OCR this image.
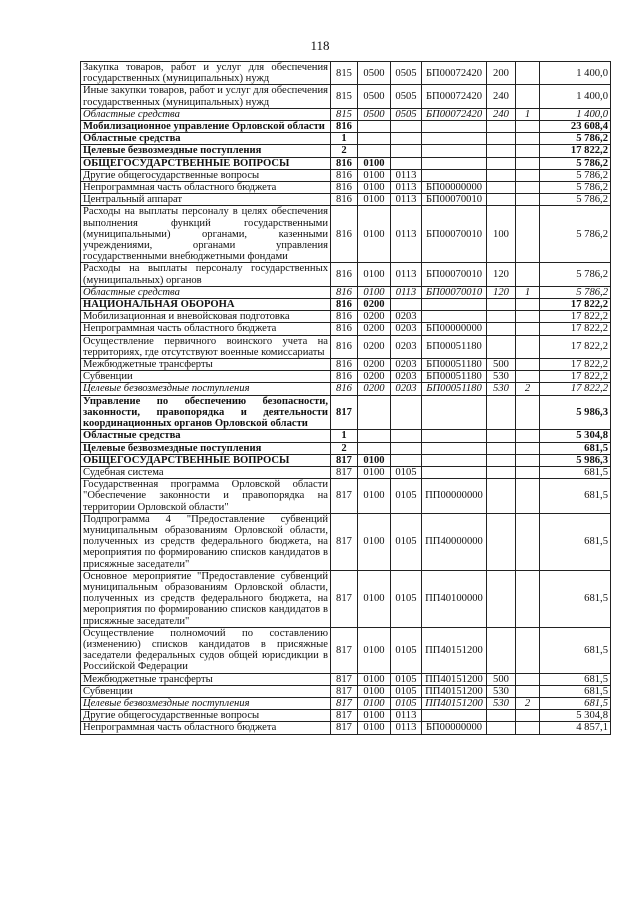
118
Закупка товаров, работ и услуг для обеспечения государственных (муниципальных) нужд	815	0500	0505	БП00072420	200		1 400,0
Иные закупки товаров, работ и услуг для обеспечения государственных (муниципальных) нужд	815	0500	0505	БП00072420	240		1 400,0
Областные средства	815	0500	0505	БП00072420	240	1	1 400,0
Мобилизационное управление Орловской области	816						23 608,4
Областные средства	1						5 786,2
Целевые безвозмездные поступления	2						17 822,2
ОБЩЕГОСУДАРСТВЕННЫЕ ВОПРОСЫ	816	0100					5 786,2
Другие общегосударственные вопросы	816	0100	0113				5 786,2
Непрограммная часть областного бюджета	816	0100	0113	БП00000000			5 786,2
Центральный аппарат	816	0100	0113	БП00070010			5 786,2
Расходы на выплаты персоналу в целях обеспечения выполнения функций государственными (муниципальными) органами, казенными учреждениями, органами управления государственными внебюджетными фондами	816	0100	0113	БП00070010	100		5 786,2
Расходы на выплаты персоналу государственных (муниципальных) органов	816	0100	0113	БП00070010	120		5 786,2
Областные средства	816	0100	0113	БП00070010	120	1	5 786,2
НАЦИОНАЛЬНАЯ ОБОРОНА	816	0200					17 822,2
Мобилизационная и вневойсковая подготовка	816	0200	0203				17 822,2
Непрограммная часть областного бюджета	816	0200	0203	БП00000000			17 822,2
Осуществление первичного воинского учета на территориях, где отсутствуют военные комиссариаты	816	0200	0203	БП00051180			17 822,2
Межбюджетные трансферты	816	0200	0203	БП00051180	500		17 822,2
Субвенции	816	0200	0203	БП00051180	530		17 822,2
Целевые безвозмездные поступления	816	0200	0203	БП00051180	530	2	17 822,2
Управление по обеспечению безопасности, законности, правопорядка и деятельности координационных органов Орловской области	817						5 986,3
Областные средства	1						5 304,8
Целевые безвозмездные поступления	2						681,5
ОБЩЕГОСУДАРСТВЕННЫЕ ВОПРОСЫ	817	0100					5 986,3
Судебная система	817	0100	0105				681,5
Государственная программа Орловской области "Обеспечение законности и правопорядка на территории Орловской области"	817	0100	0105	ПП00000000			681,5
Подпрограмма 4 "Предоставление субвенций муниципальным образованиям Орловской области, полученных из средств федерального бюджета, на мероприятия по формированию списков кандидатов в присяжные заседатели"	817	0100	0105	ПП40000000			681,5
Основное мероприятие "Предоставление субвенций муниципальным образованиям Орловской области, полученных из средств федерального бюджета, на мероприятия по формированию списков кандидатов в присяжные заседатели"	817	0100	0105	ПП40100000			681,5
Осуществление полномочий по составлению (изменению) списков кандидатов в присяжные заседатели федеральных судов общей юрисдикции в Российской Федерации	817	0100	0105	ПП40151200			681,5
Межбюджетные трансферты	817	0100	0105	ПП40151200	500		681,5
Субвенции	817	0100	0105	ПП40151200	530		681,5
Целевые безвозмездные поступления	817	0100	0105	ПП40151200	530	2	681,5
Другие общегосударственные вопросы	817	0100	0113				5 304,8
Непрограммная часть областного бюджета	817	0100	0113	БП00000000			4 857,1
